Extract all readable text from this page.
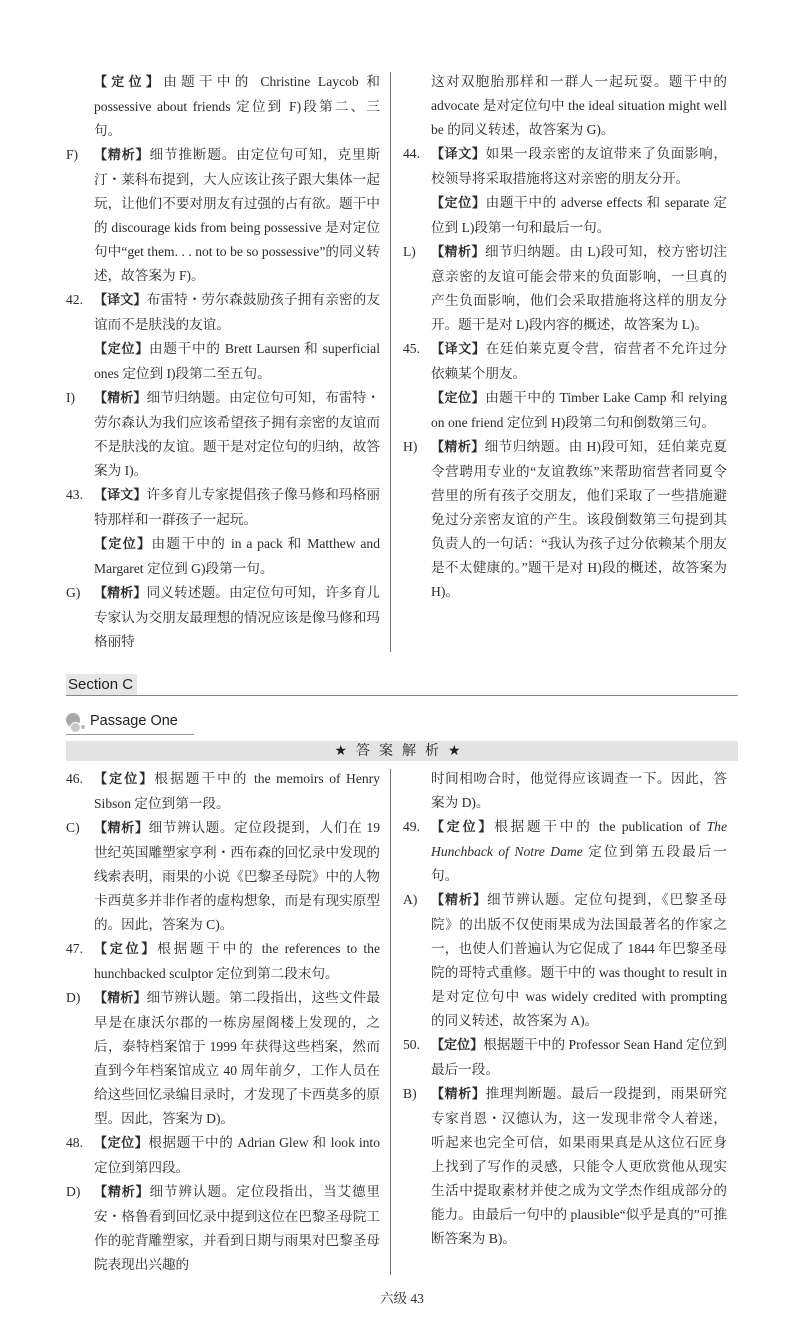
【定位】由题干中的 Christine Laycob 和 possessive about friends 定位到 F)段第二、三句。
F) 【精析】细节推断题。由定位句可知，克里斯汀・莱科布提到，大人应该让孩子跟大集体一起玩，让他们不要对朋友有过强的占有欲。题干中的 discourage kids from being possessive 是对定位句中“get them. . . not to be so possessive”的同义转述，故答案为 F)。
42. 【译文】布雷特・劳尔森鼓励孩子拥有亲密的友谊而不是肤浅的友谊。
【定位】由题干中的 Brett Laursen 和 superficial ones 定位到 I)段第二至五句。
I) 【精析】细节归纳题。由定位句可知，布雷特・劳尔森认为我们应该希望孩子拥有亲密的友谊而不是肤浅的友谊。题干是对定位句的归纳，故答案为 I)。
43. 【译文】许多育儿专家提倡孩子像马修和玛格丽特那样和一群孩子一起玩。
【定位】由题干中的 in a pack 和 Matthew and Margaret 定位到 G)段第一句。
G) 【精析】同义转述题。由定位句可知，许多育儿专家认为交朋友最理想的情况应该是像马修和玛格丽特
这对双胞胎那样和一群人一起玩耍。题干中的 advocate 是对定位句中 the ideal situation might well be 的同义转述，故答案为 G)。
44. 【译文】如果一段亲密的友谊带来了负面影响，校领导将采取措施将这对亲密的朋友分开。
【定位】由题干中的 adverse effects 和 separate 定位到 L)段第一句和最后一句。
L) 【精析】细节归纳题。由 L)段可知，校方密切注意亲密的友谊可能会带来的负面影响，一旦真的产生负面影响，他们会采取措施将这样的朋友分开。题干是对 L)段内容的概述，故答案为 L)。
45. 【译文】在廷伯莱克夏令营，宿营者不允许过分依赖某个朋友。
【定位】由题干中的 Timber Lake Camp 和 relying on one friend 定位到 H)段第二句和倒数第三句。
H) 【精析】细节归纳题。由 H)段可知，廷伯莱克夏令营聘用专业的“友谊教练”来帮助宿营者同夏令营里的所有孩子交朋友，他们采取了一些措施避免过分亲密友谊的产生。该段倒数第三句提到其负责人的一句话：“我认为孩子过分依赖某个朋友是不太健康的。”题干是对 H)段的概述，故答案为 H)。
Section C
Passage One
★答案解析★
46. 【定位】根据题干中的 the memoirs of Henry Sibson 定位到第一段。
C) 【精析】细节辨认题。定位段提到，人们在 19 世纪英国雕塑家亨利・西布森的回忆录中发现的线索表明，雨果的小说《巴黎圣母院》中的人物卡西莫多并非作者的虚构想象，而是有现实原型的。因此，答案为 C)。
47. 【定位】根据题干中的 the references to the hunchbacked sculptor 定位到第二段末句。
D) 【精析】细节辨认题。第二段指出，这些文件最早是在康沃尔郡的一栋房屋阁楼上发现的，之后，泰特档案馆于 1999 年获得这些档案，然而直到今年档案馆成立 40 周年前夕，工作人员在给这些回忆录编目录时，才发现了卡西莫多的原型。因此，答案为 D)。
48. 【定位】根据题干中的 Adrian Glew 和 look into 定位到第四段。
D) 【精析】细节辨认题。定位段指出，当艾德里安・格鲁看到回忆录中提到这位在巴黎圣母院工作的驼背雕塑家，并看到日期与雨果对巴黎圣母院表现出兴趣的
时间相吻合时，他觉得应该调查一下。因此，答案为 D)。
49. 【定位】根据题干中的 the publication of The Hunchback of Notre Dame 定位到第五段最后一句。
A) 【精析】细节辨认题。定位句提到，《巴黎圣母院》的出版不仅使雨果成为法国最著名的作家之一，也使人们普遍认为它促成了 1844 年巴黎圣母院的哥特式重修。题干中的 was thought to result in 是对定位句中 was widely credited with prompting 的同义转述，故答案为 A)。
50. 【定位】根据题干中的 Professor Sean Hand 定位到最后一段。
B) 【精析】推理判断题。最后一段提到，雨果研究专家肖恩・汉德认为，这一发现非常令人着迷，听起来也完全可信，如果雨果真是从这位石匠身上找到了写作的灵感，只能令人更欣赏他从现实生活中提取素材并使之成为文学杰作组成部分的能力。由最后一句中的 plausible“似乎是真的”可推断答案为 B)。
六级 43
